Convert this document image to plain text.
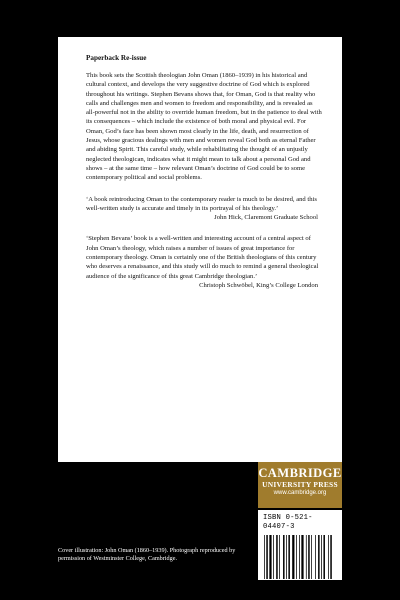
Paperback Re-issue

This book sets the Scottish theologian John Oman (1860–1939) in his historical and cultural context, and develops the very suggestive doctrine of God which is explored throughout his writings. Stephen Bevans shows that, for Oman, God is that reality who calls and challenges men and women to freedom and responsibility, and is revealed as all-powerful not in the ability to override human freedom, but in the patience to deal with its consequences – which include the existence of both moral and physical evil. For Oman, God’s face has been shown most clearly in the life, death, and resurrection of Jesus, whose gracious dealings with men and women reveal God both as eternal Father and abiding Spirit. This careful study, while rehabilitating the thought of an unjustly neglected theologican, indicates what it might mean to talk about a personal God and shows – at the same time – how relevant Oman’s doctrine of God could be to some contemporary political and social problems.

‘A book reintroducing Oman to the contemporary reader is much to be desired, and this well-written study is accurate and timely in its portrayal of his theology.’

John Hick, Claremont Graduate School

‘Stephen Bevans’ book is a well-written and interesting account of a central aspect of John Oman’s theology, which raises a number of issues of great importance for contemporary theology. Oman is certainly one of the British theologians of this century who deserves a renaissance, and this study will do much to remind a general theological audience of the significance of this great Cambridge theologian.’

Christoph Schwöbel, King’s College London
CAMBRIDGE
UNIVERSITY PRESS
www.cambridge.org
ISBN 0-521-04407-3
9 780521 044073
Cover illustration: John Oman (1860–1939). Photograph reproduced by permission of Westminster College, Cambridge.
